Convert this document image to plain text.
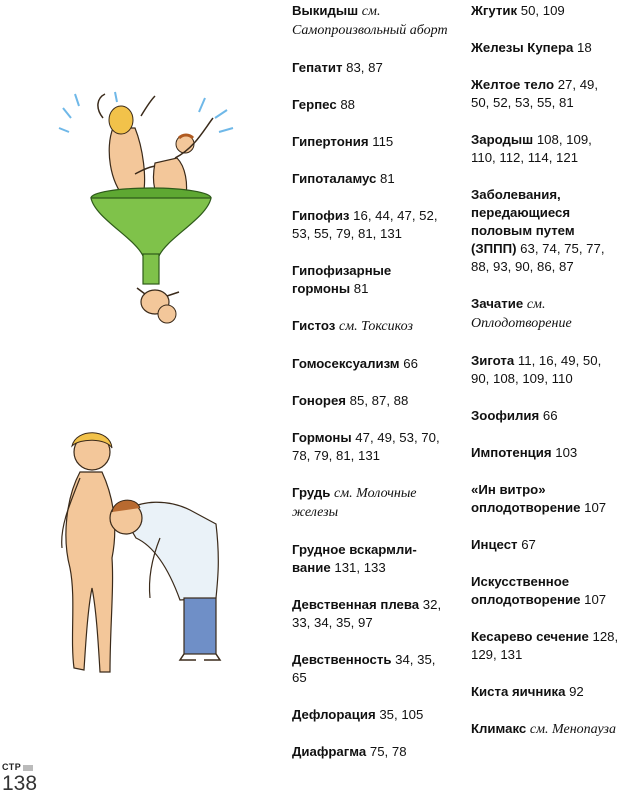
Выкидыш см. Самопроизвольный аборт
Гепатит 83, 87
Герпес 88
Гипертония 115
Гипоталамус 81
Гипофиз 16, 44, 47, 52, 53, 55, 79, 81, 131
Гипофизарные гормоны 81
Гистоз см. Токсикоз
Гомосексуализм 66
Гонорея 85, 87, 88
Гормоны 47, 49, 53, 70, 78, 79, 81, 131
Грудь см. Молочные железы
Грудное вскармли-вание 131, 133
Девственная плева 32, 33, 34, 35, 97
Девственность 34, 35, 65
Дефлорация 35, 105
Диафрагма 75, 78
Жгутик 50, 109
Железы Купера 18
Желтое тело 27, 49, 50, 52, 53, 55, 81
Зародыш 108, 109, 110, 112, 114, 121
Заболевания, передающиеся половым путем (ЗППП) 63, 74, 75, 77, 88, 93, 90, 86, 87
Зачатие см. Оплодотворение
Зигота 11, 16, 49, 50, 90, 108, 109, 110
Зоофилия 66
Импотенция 103
«Ин витро» оплодотворение 107
Инцест 67
Искусственное оплодотворение 107
Кесарево сечение 128, 129, 131
Киста яичника 92
Климакс см. Менопауза
СТР
138
